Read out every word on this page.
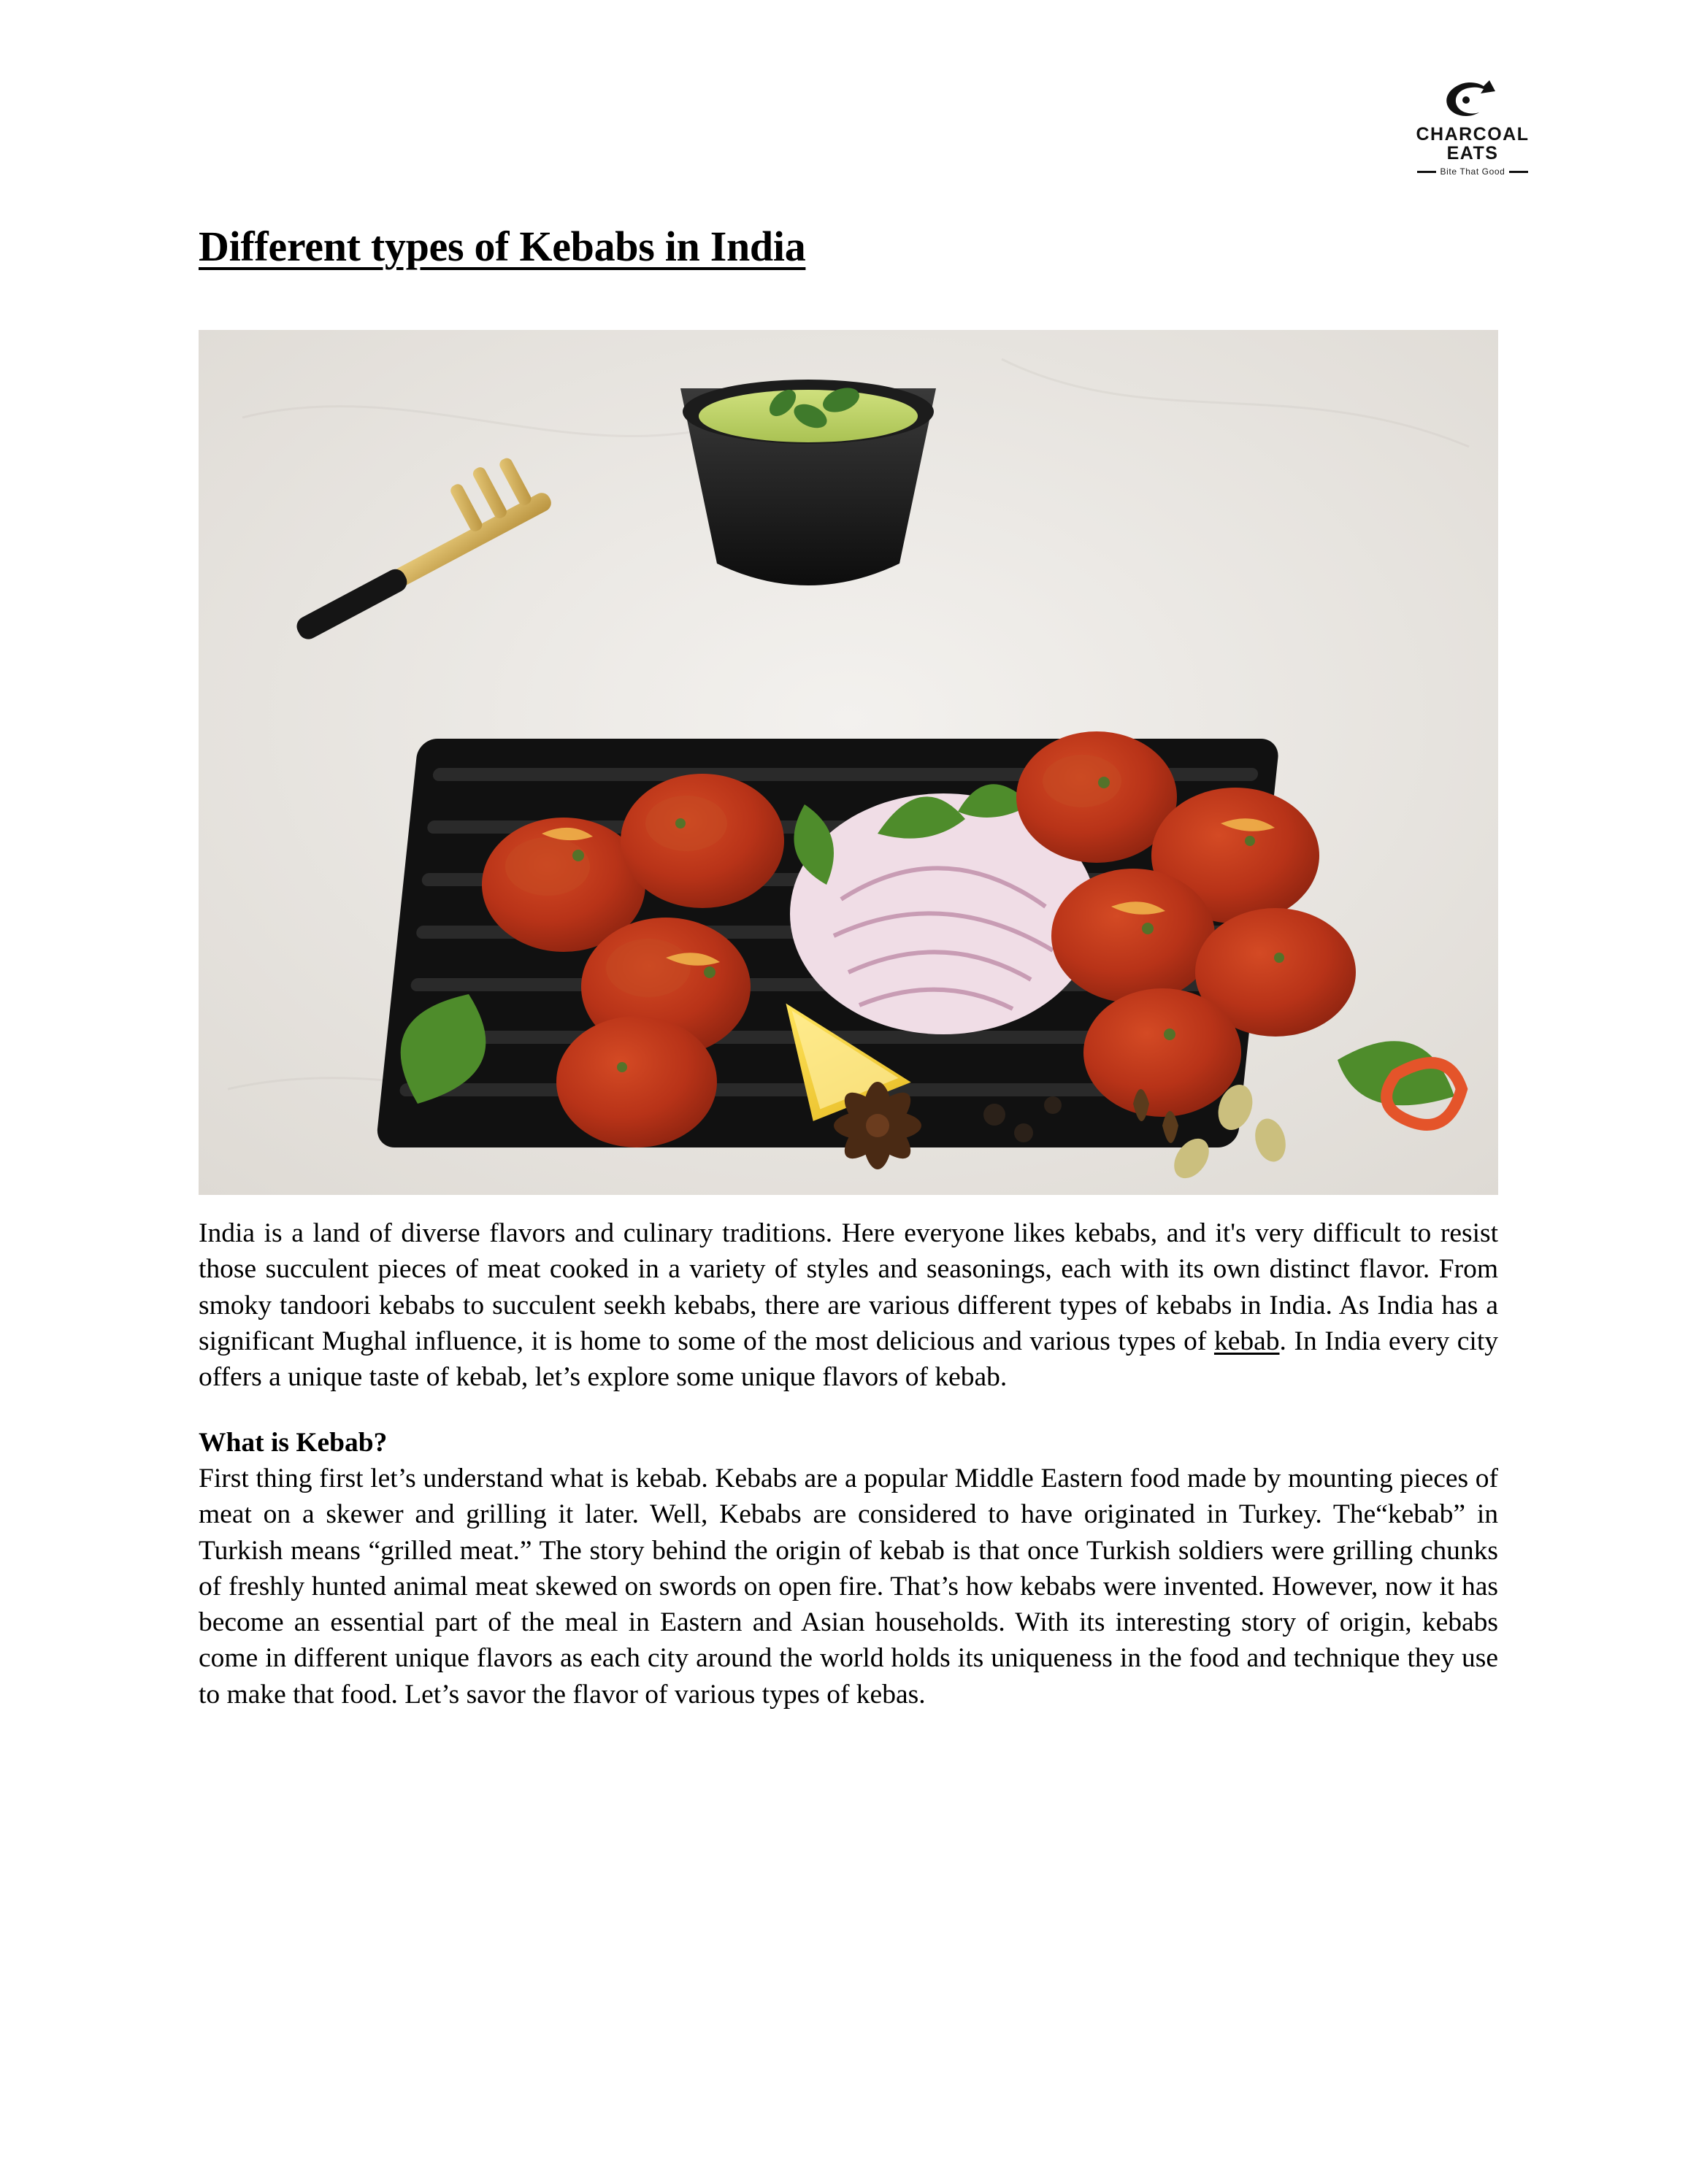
CHARCOAL
EATS
Bite That Good
Different types of Kebabs in India

India is a land of diverse flavors and culinary traditions. Here everyone likes kebabs, and it's very difficult to resist those succulent pieces of meat cooked in a variety of styles and seasonings, each with its own distinct flavor. From smoky tandoori kebabs to succulent seekh kebabs, there are various different types of kebabs in India. As India has a significant Mughal influence, it is home to some of the most delicious and various types of kebab. In India every city offers a unique taste of kebab, let’s explore some unique flavors of kebab.

What is Kebab?

First thing first let’s understand what is kebab. Kebabs are a popular Middle Eastern food made by mounting pieces of meat on a skewer and grilling it later. Well, Kebabs are considered to have originated in Turkey. The“kebab” in Turkish means “grilled meat.” The story behind the origin of kebab is that once Turkish soldiers were grilling chunks of freshly hunted animal meat skewed on swords on open fire. That’s how kebabs were invented. However, now it has become an essential part of the meal in Eastern and Asian households. With its interesting story of origin, kebabs come in different unique flavors as each city around the world holds its uniqueness in the food and technique they use to make that food. Let’s savor the flavor of various types of kebas.
